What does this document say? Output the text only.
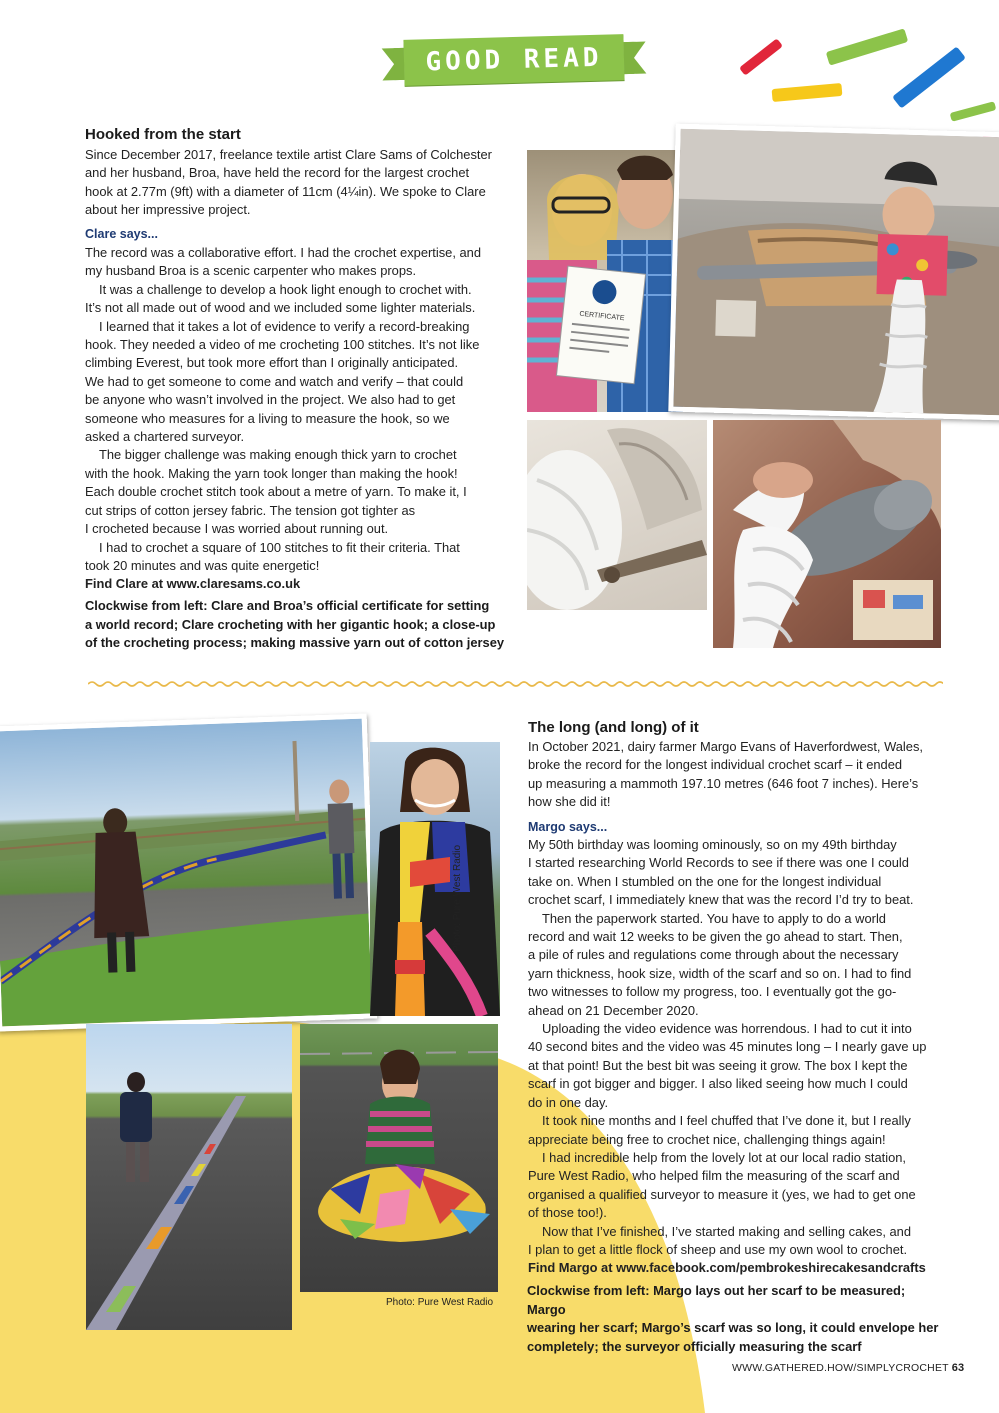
GOOD READ
Hooked from the start

Since December 2017, freelance textile artist Clare Sams of Colchester

and her husband, Broa, have held the record for the largest crochet

hook at 2.77m (9ft) with a diameter of 11cm (4¼in). We spoke to Clare

about her impressive project.

Clare says...

The record was a collaborative effort. I had the crochet expertise, and

my husband Broa is a scenic carpenter who makes props.

It was a challenge to develop a hook light enough to crochet with.

It’s not all made out of wood and we included some lighter materials.

I learned that it takes a lot of evidence to verify a record-breaking

hook. They needed a video of me crocheting 100 stitches. It’s not like

climbing Everest, but took more effort than I originally anticipated.

We had to get someone to come and watch and verify – that could

be anyone who wasn’t involved in the project. We also had to get

someone who measures for a living to measure the hook, so we

asked a chartered surveyor.

The bigger challenge was making enough thick yarn to crochet

with the hook. Making the yarn took longer than making the hook!

Each double crochet stitch took about a metre of yarn. To make it, I

cut strips of cotton jersey fabric. The tension got tighter as

I crocheted because I was worried about running out.

I had to crochet a square of 100 stitches to fit their criteria. That

took 20 minutes and was quite energetic!

Find Clare at www.claresams.co.uk

Clockwise from left: Clare and Broa’s official certificate for setting
a world record; Clare crocheting with her gigantic hook; a close-up
of the crocheting process; making massive yarn out of cotton jersey
CERTIFICATE
Photo: Pure West Radio
Photo: Pure West Radio
The long (and long) of it

In October 2021, dairy farmer Margo Evans of Haverfordwest, Wales,

broke the record for the longest individual crochet scarf – it ended

up measuring a mammoth 197.10 metres (646 foot 7 inches). Here’s

how she did it!

Margo says...

My 50th birthday was looming ominously, so on my 49th birthday

I started researching World Records to see if there was one I could

take on. When I stumbled on the one for the longest individual

crochet scarf, I immediately knew that was the record I’d try to beat.

Then the paperwork started. You have to apply to do a world

record and wait 12 weeks to be given the go ahead to start. Then,

a pile of rules and regulations come through about the necessary

yarn thickness, hook size, width of the scarf and so on. I had to find

two witnesses to follow my progress, too. I eventually got the go-

ahead on 21 December 2020.

Uploading the video evidence was horrendous. I had to cut it into

40 second bites and the video was 45 minutes long – I nearly gave up

at that point! But the best bit was seeing it grow. The box I kept the

scarf in got bigger and bigger. I also liked seeing how much I could

do in one day.

It took nine months and I feel chuffed that I’ve done it, but I really

appreciate being free to crochet nice, challenging things again!

I had incredible help from the lovely lot at our local radio station,

Pure West Radio, who helped film the measuring of the scarf and

organised a qualified surveyor to measure it (yes, we had to get one

of those too!).

Now that I’ve finished, I’ve started making and selling cakes, and

I plan to get a little flock of sheep and use my own wool to crochet.

Find Margo at www.facebook.com/pembrokeshirecakesandcrafts

Clockwise from left: Margo lays out her scarf to be measured; Margo
wearing her scarf; Margo’s scarf was so long, it could envelope her
completely; the surveyor officially measuring the scarf
WWW.GATHERED.HOW/SIMPLYCROCHET 63
